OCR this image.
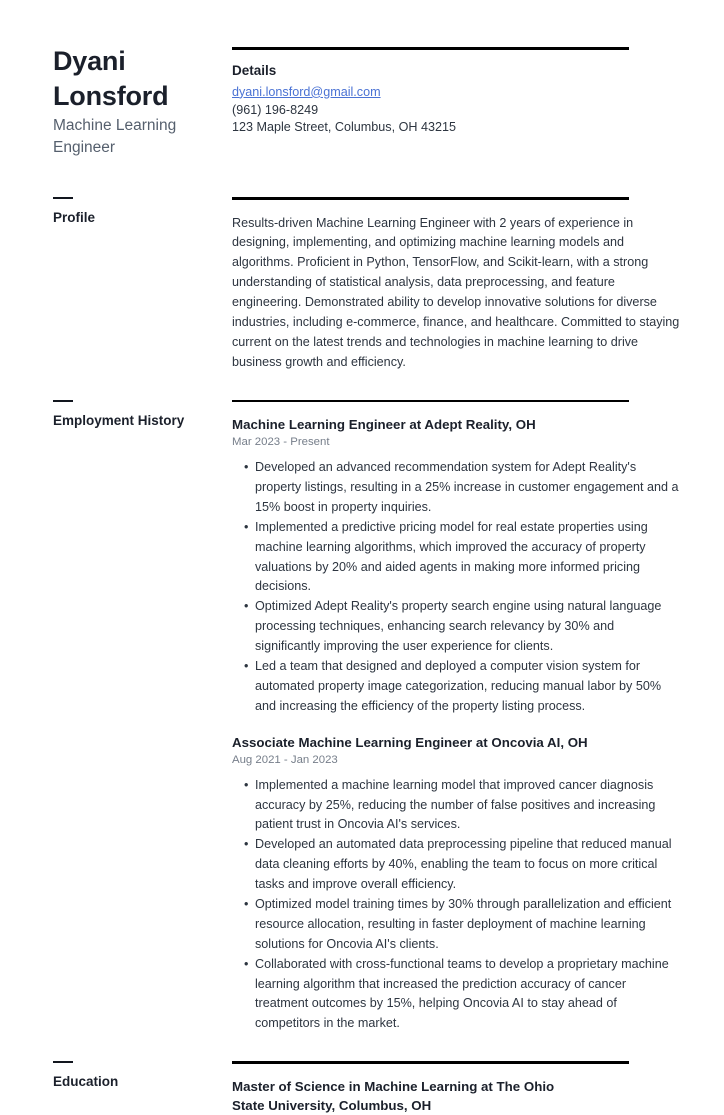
Dyani
Lonsford
Machine Learning Engineer
Details
dyani.lonsford@gmail.com
(961) 196-8249
123 Maple Street, Columbus, OH 43215
Profile	Results-driven Machine Learning Engineer with 2 years of experience in designing, implementing, and optimizing machine learning models and algorithms. Proficient in Python, TensorFlow, and Scikit-learn, with a strong understanding of statistical analysis, data preprocessing, and feature engineering. Demonstrated ability to develop innovative solutions for diverse industries, including e-commerce, finance, and healthcare. Committed to staying current on the latest trends and technologies in machine learning to drive business growth and efficiency.

Employment History	Machine Learning Engineer at Adept Reality, OH
Mar 2023 - Present
• Developed an advanced recommendation system for Adept Reality's property listings, resulting in a 25% increase in customer engagement and a 15% boost in property inquiries.
• Implemented a predictive pricing model for real estate properties using machine learning algorithms, which improved the accuracy of property valuations by 20% and aided agents in making more informed pricing decisions.
• Optimized Adept Reality's property search engine using natural language processing techniques, enhancing search relevancy by 30% and significantly improving the user experience for clients.
• Led a team that designed and deployed a computer vision system for automated property image categorization, reducing manual labor by 50% and increasing the efficiency of the property listing process.
Associate Machine Learning Engineer at Oncovia AI, OH
Aug 2021 - Jan 2023
• Implemented a machine learning model that improved cancer diagnosis accuracy by 25%, reducing the number of false positives and increasing patient trust in Oncovia AI's services.
• Developed an automated data preprocessing pipeline that reduced manual data cleaning efforts by 40%, enabling the team to focus on more critical tasks and improve overall efficiency.
• Optimized model training times by 30% through parallelization and efficient resource allocation, resulting in faster deployment of machine learning solutions for Oncovia AI's clients.
• Collaborated with cross-functional teams to develop a proprietary machine learning algorithm that increased the prediction accuracy of cancer treatment outcomes by 15%, helping Oncovia AI to stay ahead of competitors in the market.
Education	Master of Science in Machine Learning at The Ohio State University, Columbus, OH
